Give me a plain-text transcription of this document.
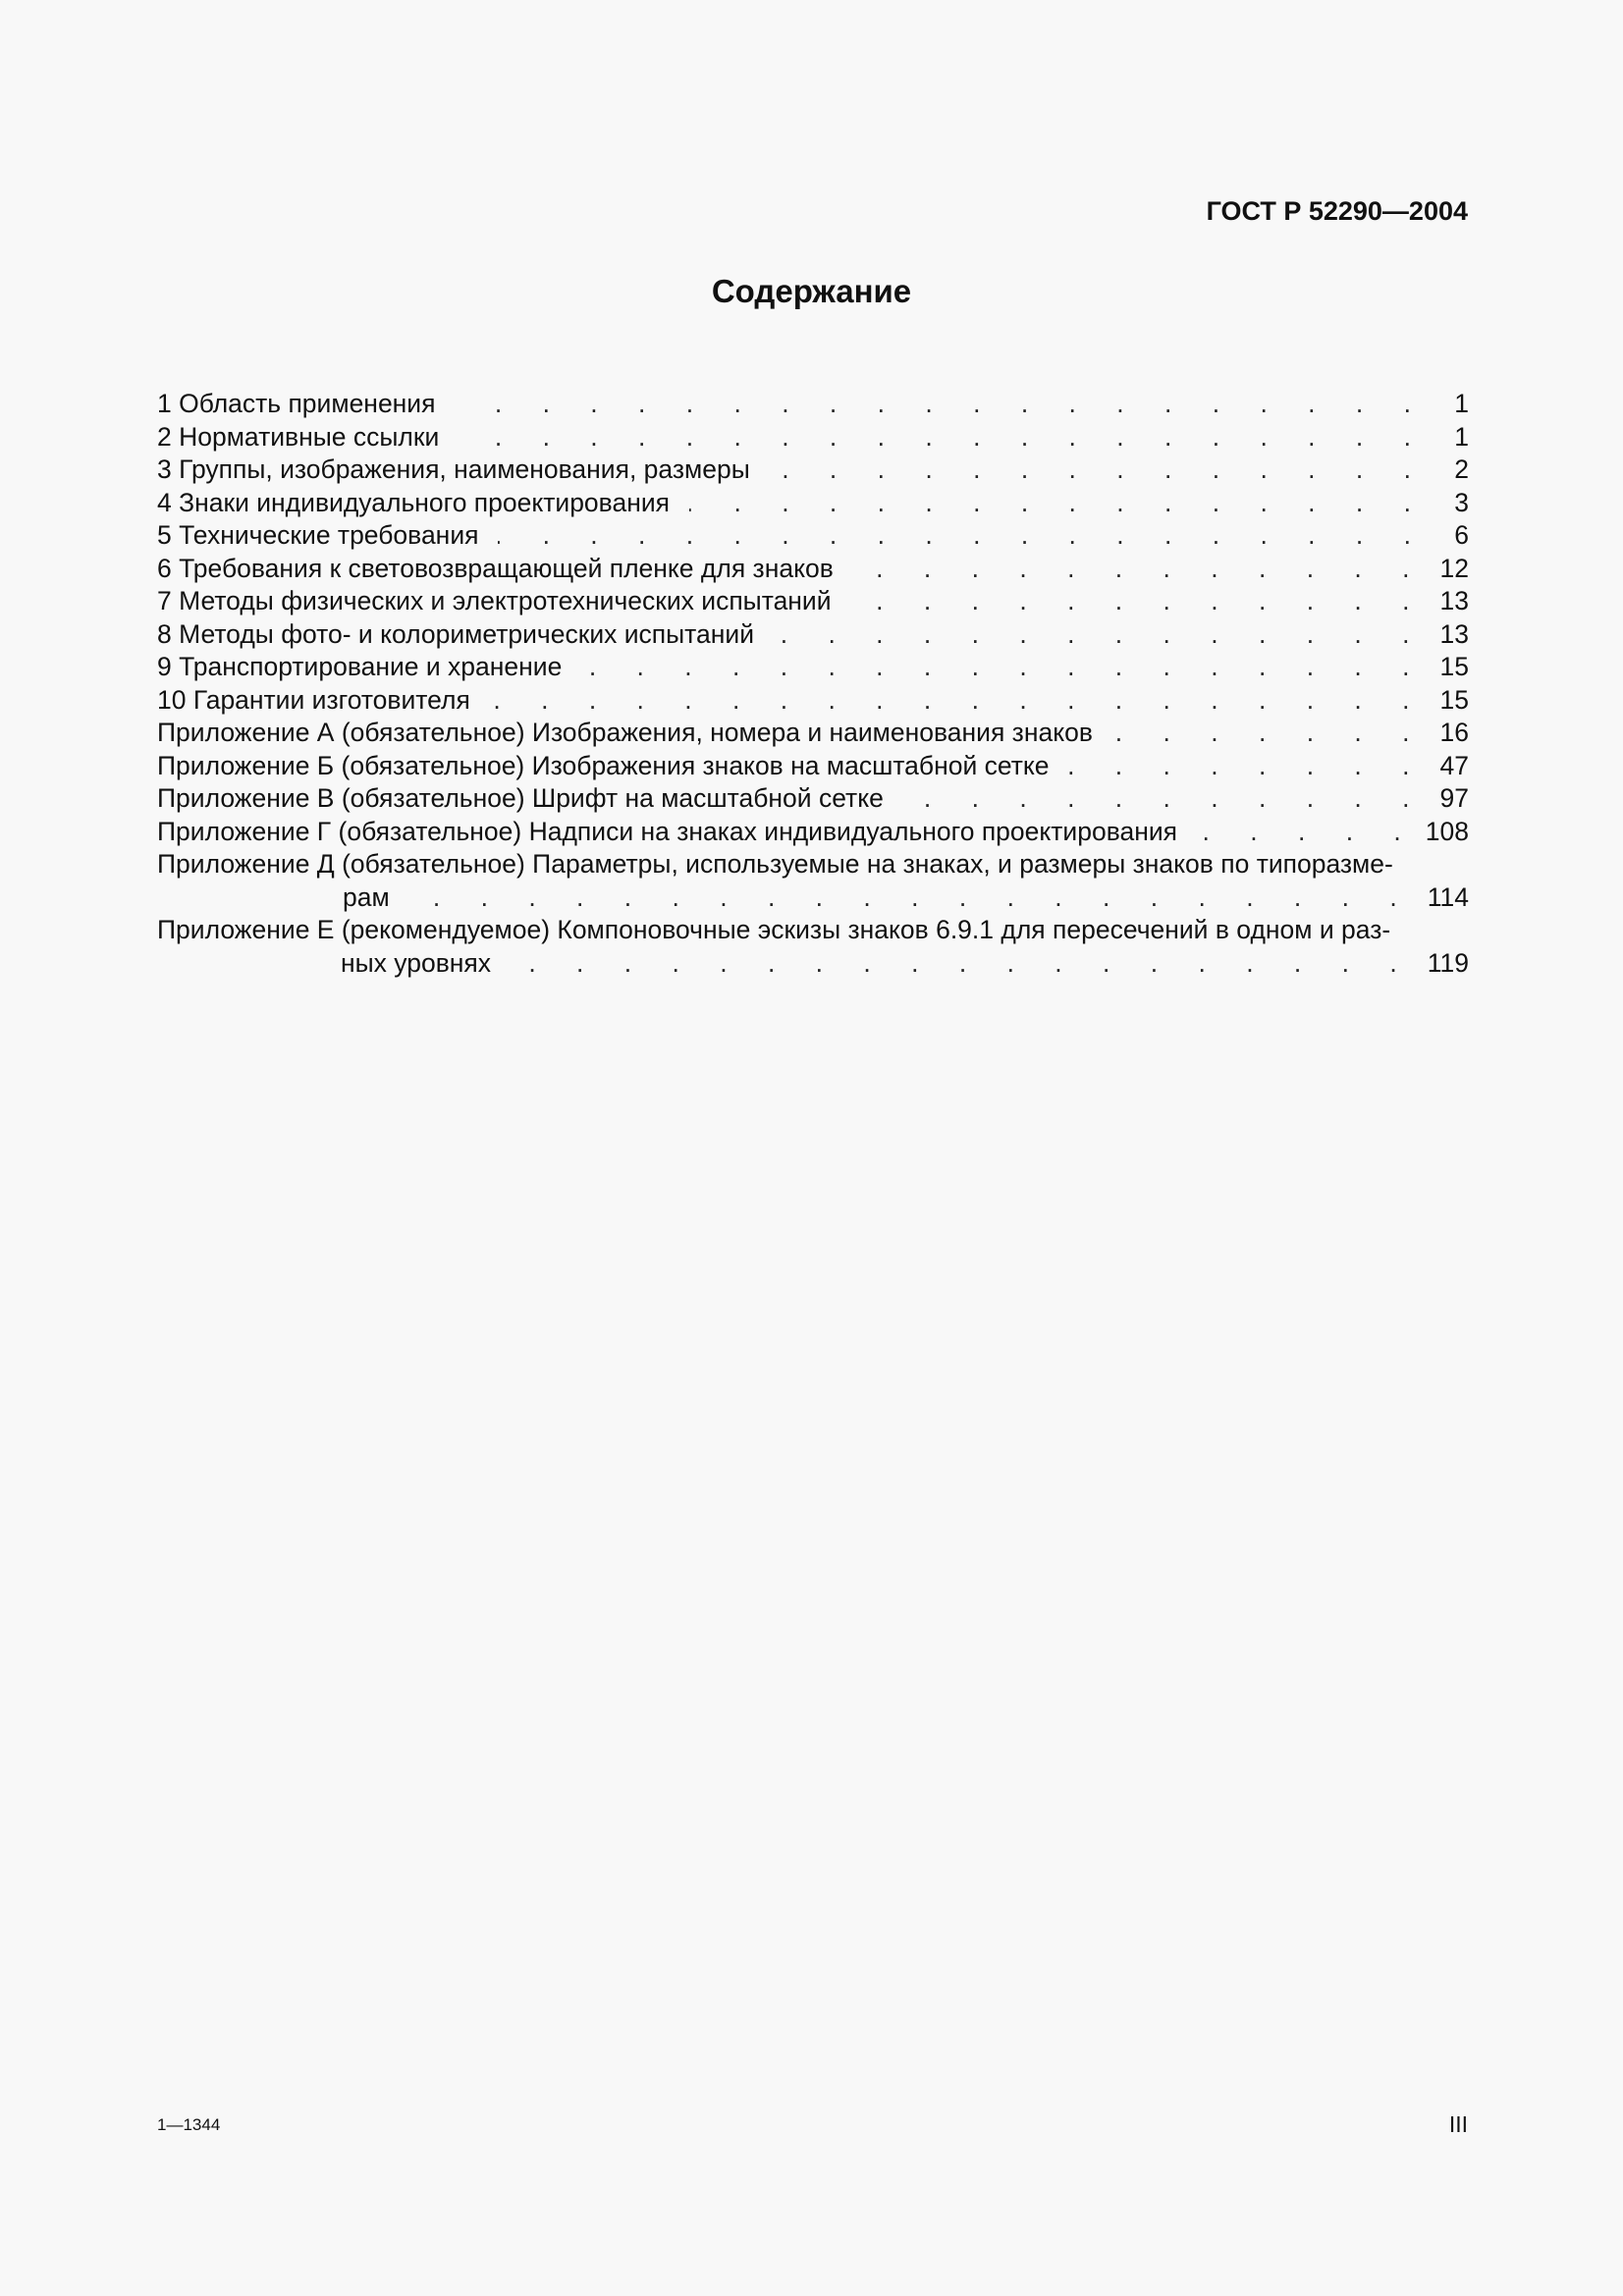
ГОСТ Р 52290—2004
Содержание
1 Область применения . . .	1
2 Нормативные ссылки . . .	1
3 Группы, изображения, наименования, размеры . . .	2
4 Знаки индивидуального проектирования . . .	3
5 Технические требования . . .	6
6 Требования к световозвращающей пленке для знаков . . .	12
7 Методы физических и электротехнических испытаний . . .	13
8 Методы фото- и колориметрических испытаний . . .	13
9 Транспортирование и хранение . . .	15
10 Гарантии изготовителя . . .	15
Приложение А (обязательное) Изображения, номера и наименования знаков . . .	16
Приложение Б (обязательное) Изображения знаков на масштабной сетке . . .	47
Приложение В (обязательное) Шрифт на масштабной сетке . . .	97
Приложение Г (обязательное) Надписи на знаках индивидуального проектирования . . .	108
Приложение Д (обязательное) Параметры, используемые на знаках, и размеры знаков по типоразме-
рам . . .	114
Приложение Е (рекомендуемое) Компоновочные эскизы знаков 6.9.1 для пересечений в одном и раз-
ных уровнях . . .	119
1—1344	III
